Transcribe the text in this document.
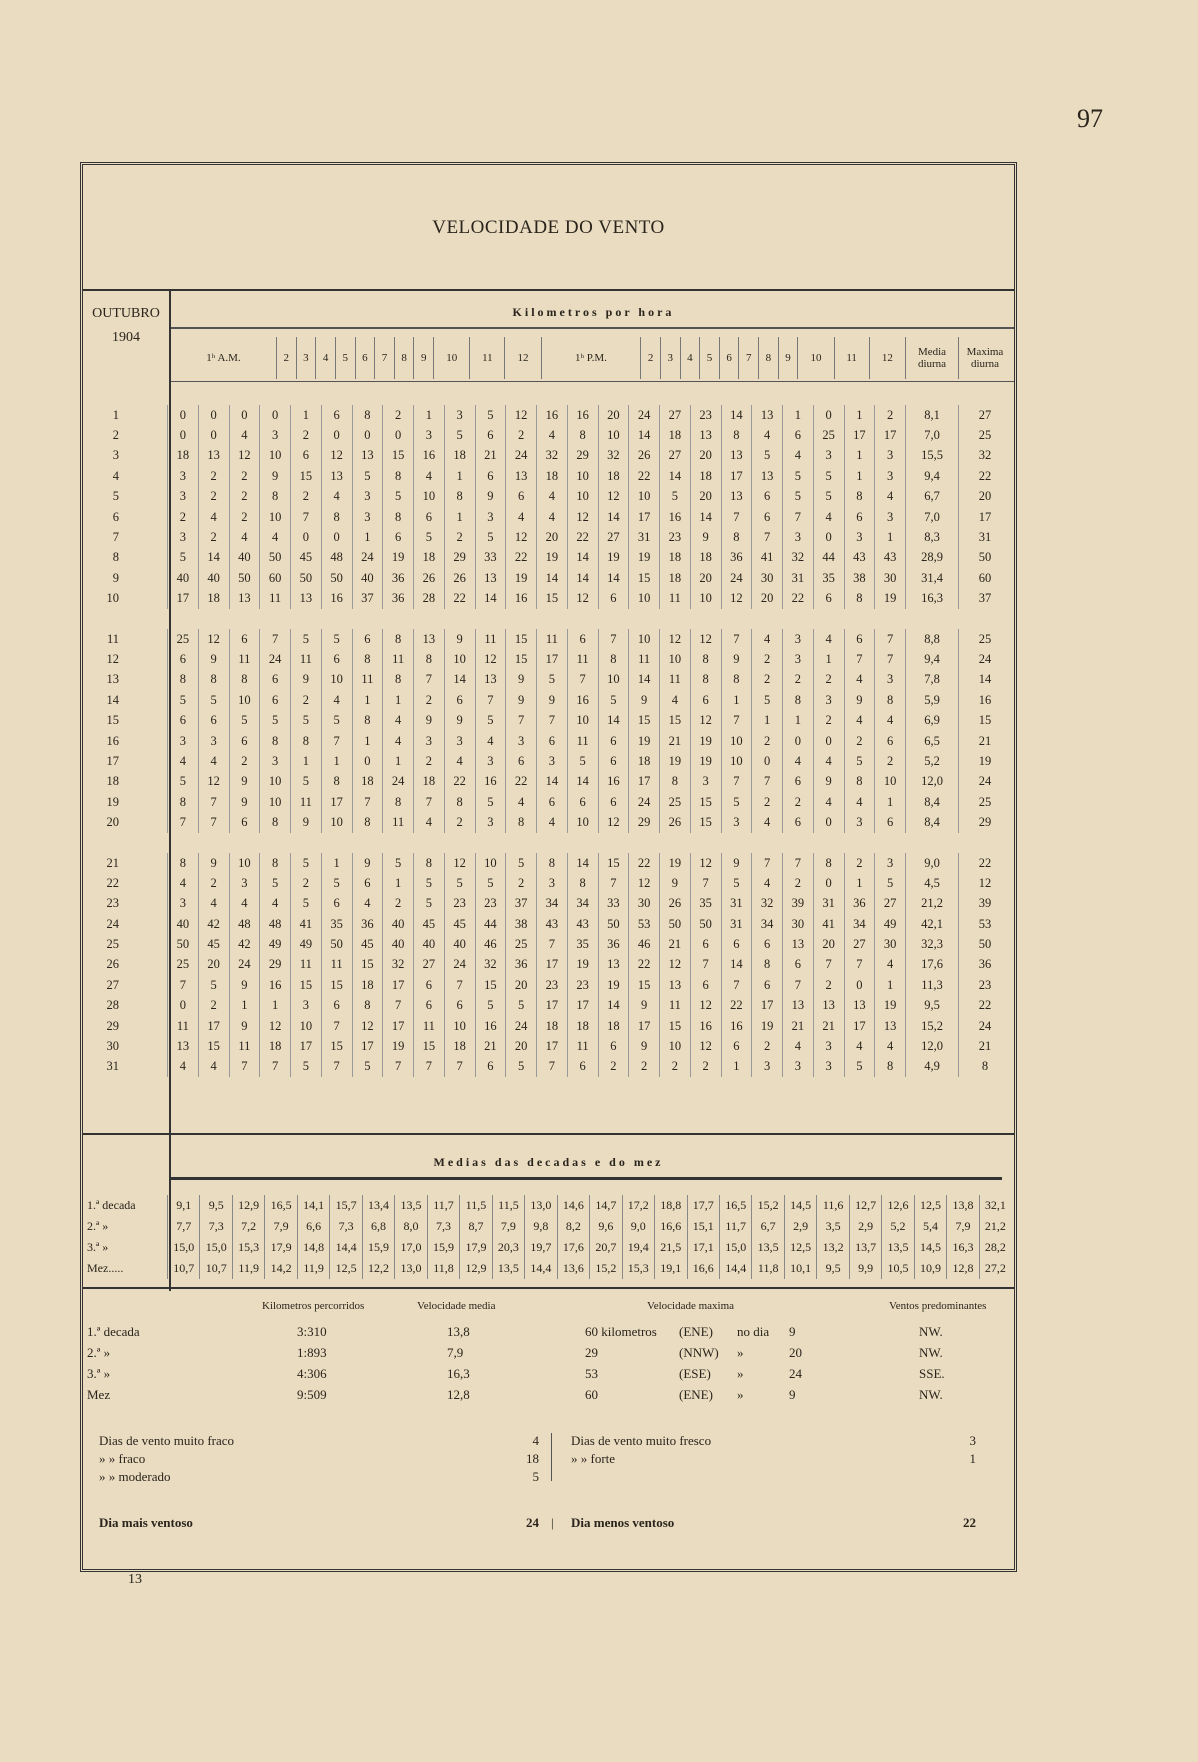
97
VELOCIDADE DO VENTO
OUTUBRO
1904
Kilometros por hora
1ʰ A.M.	2	3	4	5	6	7	8	9	10	11	12	1ʰ P.M.	2	3	4	5	6	7	8	9	10	11	12	Media diurna	Maxima diurna
1	0	0	0	0	1	6	8	2	1	3	5	12	16	16	20	24	27	23	14	13	1	0	1	2	8,1	27
2	0	0	4	3	2	0	0	0	3	5	6	2	4	8	10	14	18	13	8	4	6	25	17	17	7,0	25
3	18	13	12	10	6	12	13	15	16	18	21	24	32	29	32	26	27	20	13	5	4	3	1	3	15,5	32
4	3	2	2	9	15	13	5	8	4	1	6	13	18	10	18	22	14	18	17	13	5	5	1	3	9,4	22
5	3	2	2	8	2	4	3	5	10	8	9	6	4	10	12	10	5	20	13	6	5	5	8	4	6,7	20
6	2	4	2	10	7	8	3	8	6	1	3	4	4	12	14	17	16	14	7	6	7	4	6	3	7,0	17
7	3	2	4	4	0	0	1	6	5	2	5	12	20	22	27	31	23	9	8	7	3	0	3	1	8,3	31
8	5	14	40	50	45	48	24	19	18	29	33	22	19	14	19	19	18	18	36	41	32	44	43	43	28,9	50
9	40	40	50	60	50	50	40	36	26	26	13	19	14	14	14	15	18	20	24	30	31	35	38	30	31,4	60
10	17	18	13	11	13	16	37	36	28	22	14	16	15	12	6	10	11	10	12	20	22	6	8	19	16,3	37

11	25	12	6	7	5	5	6	8	13	9	11	15	11	6	7	10	12	12	7	4	3	4	6	7	8,8	25
12	6	9	11	24	11	6	8	11	8	10	12	15	17	11	8	11	10	8	9	2	3	1	7	7	9,4	24
13	8	8	8	6	9	10	11	8	7	14	13	9	5	7	10	14	11	8	8	2	2	2	4	3	7,8	14
14	5	5	10	6	2	4	1	1	2	6	7	9	9	16	5	9	4	6	1	5	8	3	9	8	5,9	16
15	6	6	5	5	5	5	8	4	9	9	5	7	7	10	14	15	15	12	7	1	1	2	4	4	6,9	15
16	3	3	6	8	8	7	1	4	3	3	4	3	6	11	6	19	21	19	10	2	0	0	2	6	6,5	21
17	4	4	2	3	1	1	0	1	2	4	3	6	3	5	6	18	19	19	10	0	4	4	5	2	5,2	19
18	5	12	9	10	5	8	18	24	18	22	16	22	14	14	16	17	8	3	7	7	6	9	8	10	12,0	24
19	8	7	9	10	11	17	7	8	7	8	5	4	6	6	6	24	25	15	5	2	2	4	4	1	8,4	25
20	7	7	6	8	9	10	8	11	4	2	3	8	4	10	12	29	26	15	3	4	6	0	3	6	8,4	29

21	8	9	10	8	5	1	9	5	8	12	10	5	8	14	15	22	19	12	9	7	7	8	2	3	9,0	22
22	4	2	3	5	2	5	6	1	5	5	5	2	3	8	7	12	9	7	5	4	2	0	1	5	4,5	12
23	3	4	4	4	5	6	4	2	5	23	23	37	34	34	33	30	26	35	31	32	39	31	36	27	21,2	39
24	40	42	48	48	41	35	36	40	45	45	44	38	43	43	50	53	50	50	31	34	30	41	34	49	42,1	53
25	50	45	42	49	49	50	45	40	40	40	46	25	7	35	36	46	21	6	6	6	13	20	27	30	32,3	50
26	25	20	24	29	11	11	15	32	27	24	32	36	17	19	13	22	12	7	14	8	6	7	7	4	17,6	36
27	7	5	9	16	15	15	18	17	6	7	15	20	23	23	19	15	13	6	7	6	7	2	0	1	11,3	23
28	0	2	1	1	3	6	8	7	6	6	5	5	17	17	14	9	11	12	22	17	13	13	13	19	9,5	22
29	11	17	9	12	10	7	12	17	11	10	16	24	18	18	18	17	15	16	16	19	21	21	17	13	15,2	24
30	13	15	11	18	17	15	17	19	15	18	21	20	17	11	6	9	10	12	6	2	4	3	4	4	12,0	21
31	4	4	7	7	5	7	5	7	7	7	6	5	7	6	2	2	2	2	1	3	3	3	5	8	4,9	8
Medias das decadas e do mez
1.ª decada	9,1	9,5	12,9	16,5	14,1	15,7	13,4	13,5	11,7	11,5	11,5	13,0	14,6	14,7	17,2	18,8	17,7	16,5	15,2	14,5	11,6	12,7	12,6	12,5	13,8	32,1
2.ª »	7,7	7,3	7,2	7,9	6,6	7,3	6,8	8,0	7,3	8,7	7,9	9,8	8,2	9,6	9,0	16,6	15,1	11,7	6,7	2,9	3,5	2,9	5,2	5,4	7,9	21,2
3.ª »	15,0	15,0	15,3	17,9	14,8	14,4	15,9	17,0	15,9	17,9	20,3	19,7	17,6	20,7	19,4	21,5	17,1	15,0	13,5	12,5	13,2	13,7	13,5	14,5	16,3	28,2
Mez.....	10,7	10,7	11,9	14,2	11,9	12,5	12,2	13,0	11,8	12,9	13,5	14,4	13,6	15,2	15,3	19,1	16,6	14,4	11,8	10,1	9,5	9,9	10,5	10,9	12,8	27,2
Kilometros percorridos	Velocidade media	Velocidade maxima	Ventos predominantes
1.ª decada	3:310	13,8	60 kilometros (ENE) no dia 9	NW.
2.ª »	1:893	7,9	29	(NNW) »	20	NW.
3.ª »	4:306	16,3	53	(ESE) »	24	SSE.
Mez	9:509	12,8	60	(ENE) »	9	NW.
Dias de vento muito fraco	4
» » fraco	18
» » moderado	5
Dias de vento muito fresco	3
» » forte	1
Dia mais ventoso	24 | Dia menos ventoso	22
13
